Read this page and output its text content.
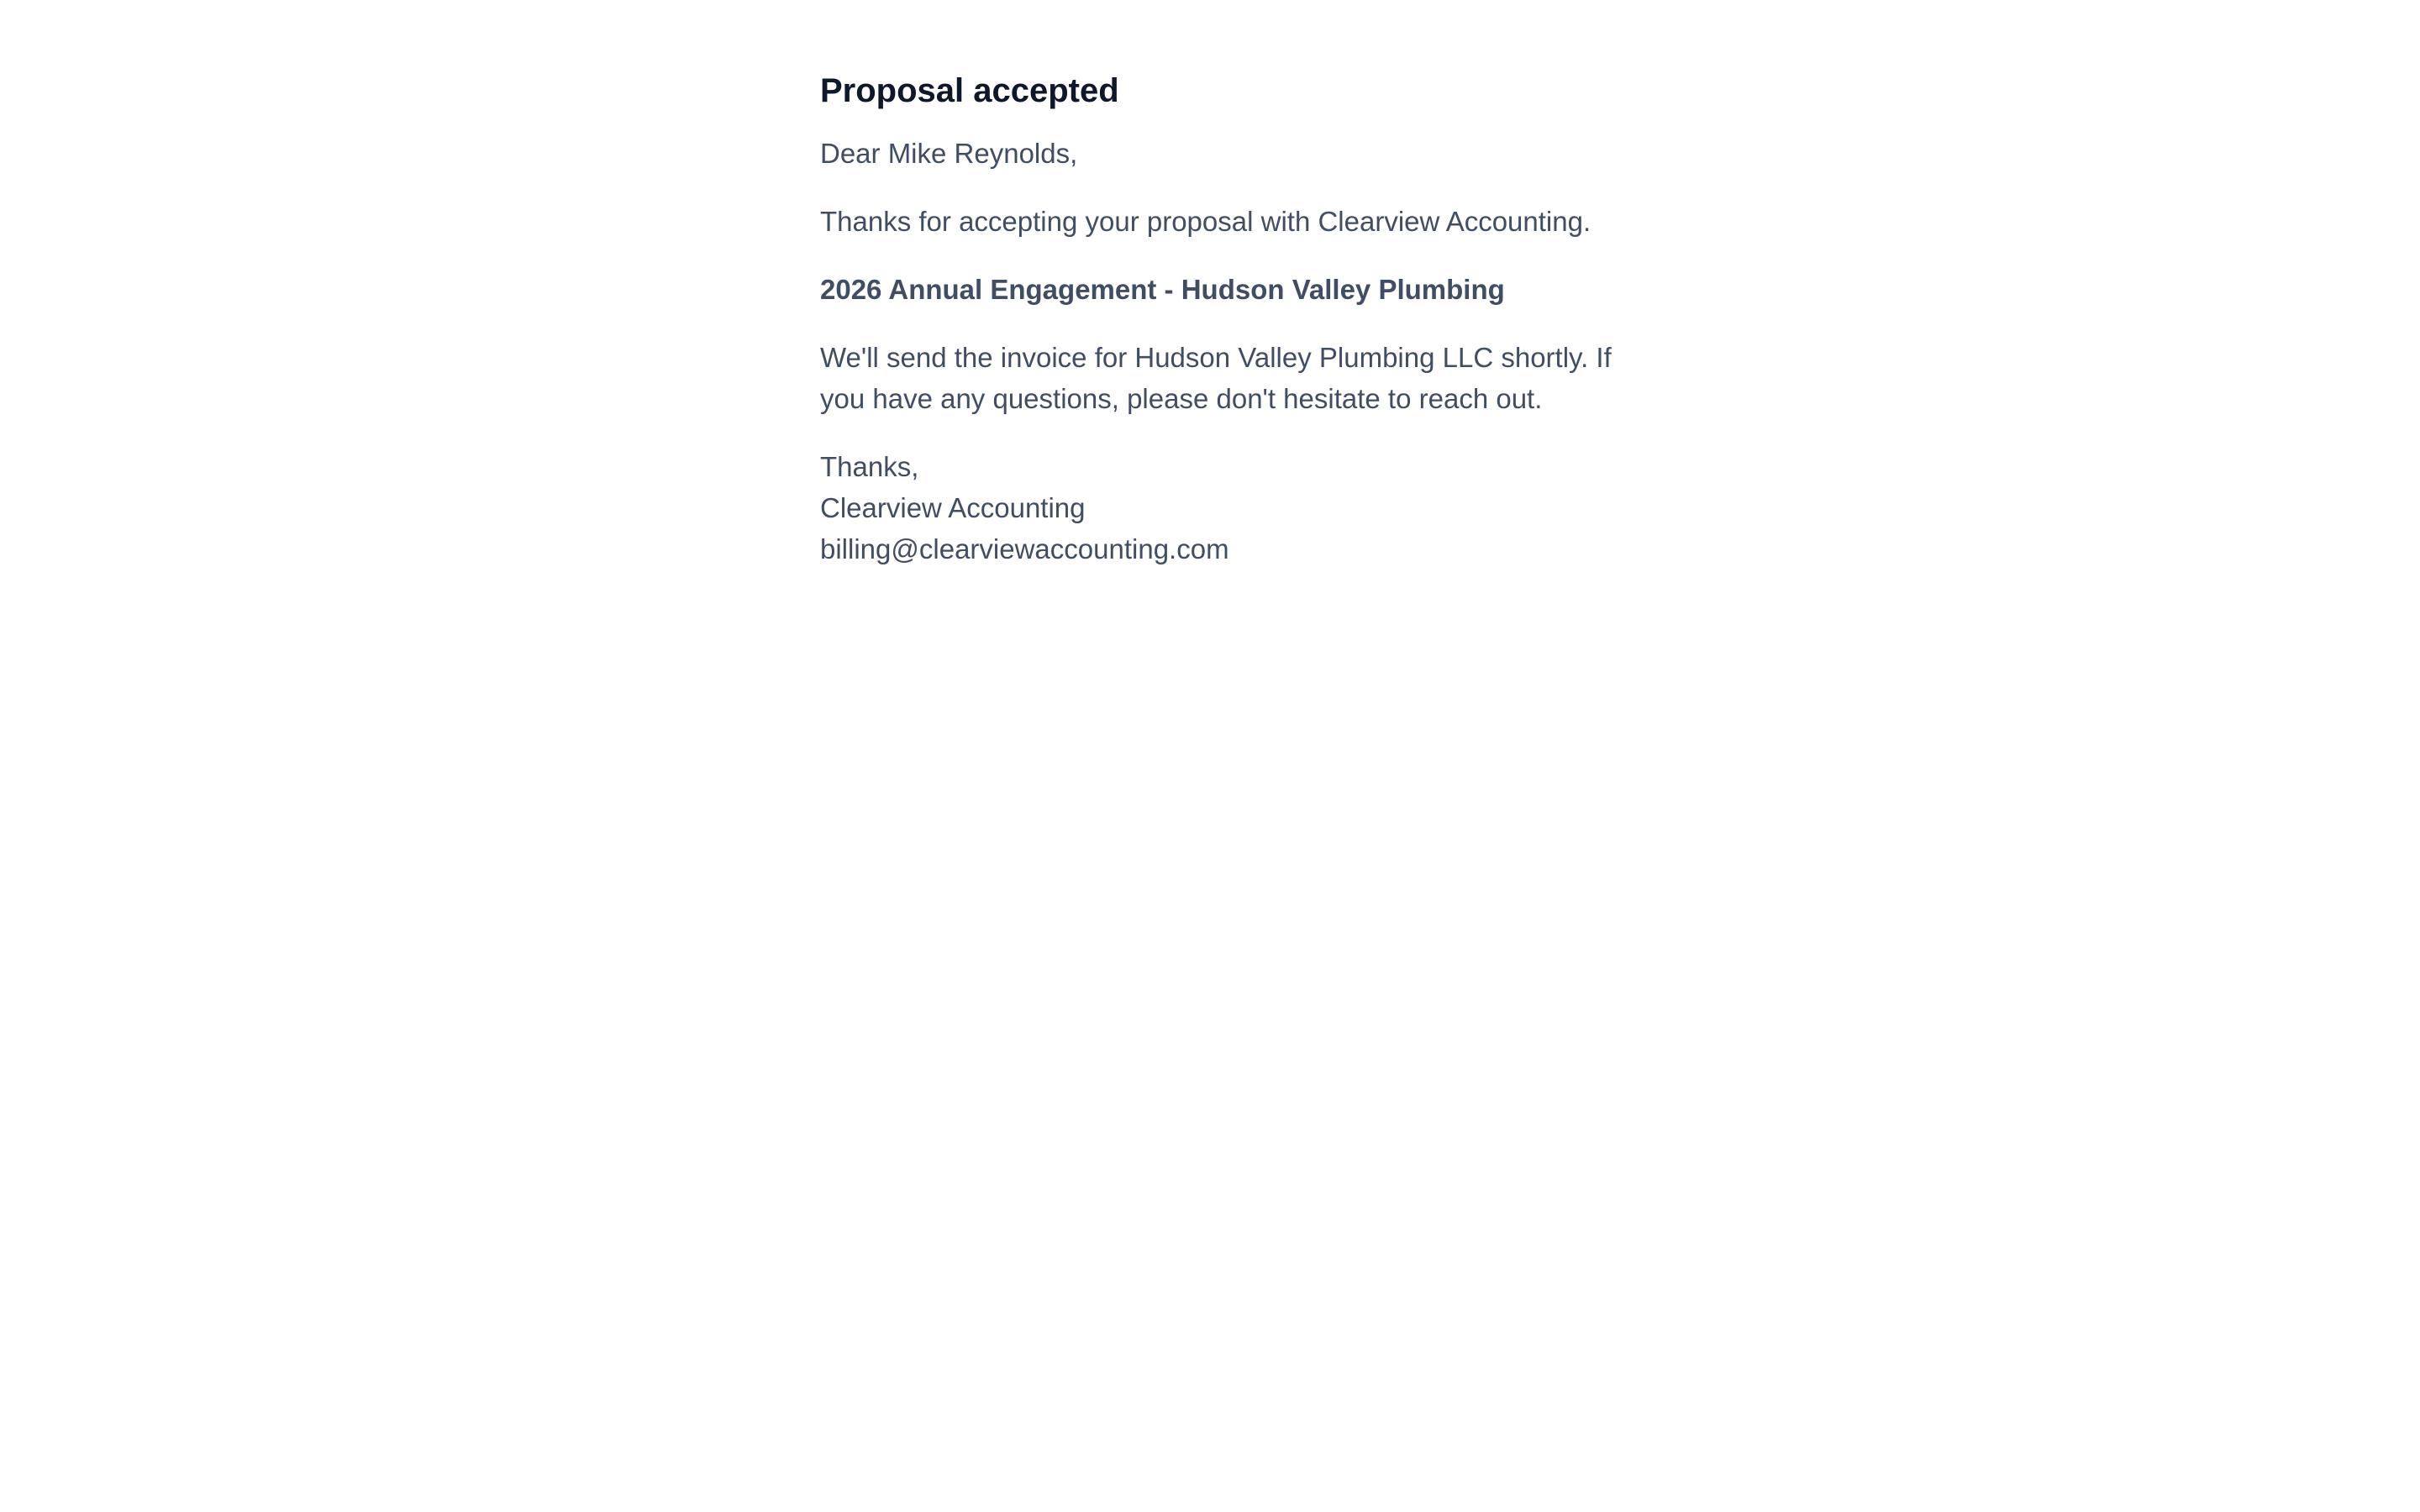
Proposal accepted

Dear Mike Reynolds,

Thanks for accepting your proposal with Clearview Accounting.

2026 Annual Engagement - Hudson Valley Plumbing

We'll send the invoice for Hudson Valley Plumbing LLC shortly. If you have any questions, please don't hesitate to reach out.

Thanks,
Clearview Accounting
billing@clearviewaccounting.com
